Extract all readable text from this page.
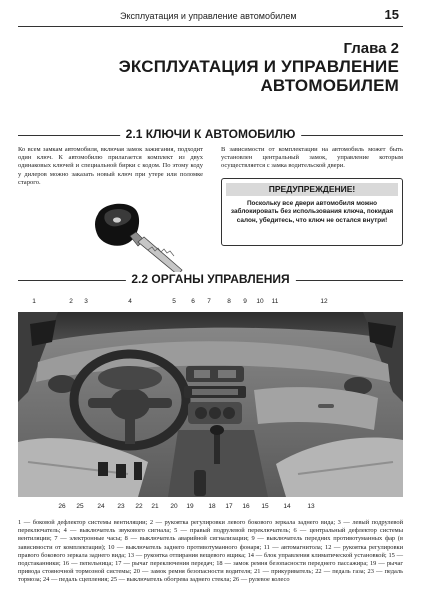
Эксплуатация и управление автомобилем	15
Глава 2
ЭКСПЛУАТАЦИЯ И УПРАВЛЕНИЕ
АВТОМОБИЛЕМ
2.1 КЛЮЧИ К АВТОМОБИЛЮ
Ко всем замкам автомобиля, включая замок зажигания, подходит один ключ. К автомобилю прилагается комплект из двух одинаковых ключей и специальной бирки с кодом. По этому коду у дилеров можно заказать новый ключ при утере или поломке старого.
В зависимости от комплектации на автомобиль может быть установлен центральный замок, управление которым осуществляется с замка водительской двери.
ПРЕДУПРЕЖДЕНИЕ!
Поскольку все двери автомобиля можно заблокировать без использования ключа, покидая салон, убедитесь, что ключ не остался внутри!
2.2 ОРГАНЫ УПРАВЛЕНИЯ
1	2	3	4	5	6	7	8	9	10	11	12
26	25	24	23	22	21	20	19	18	17	16	15	14	13
1 — боковой дефлектор системы вентиляции; 2 — рукоятка регулировки левого бокового зеркала заднего вида; 3 — левый подрулевой переключатель; 4 — выключатель звукового сигнала; 5 — правый подрулевой переключатель; 6 — центральный дефлектор системы вентиляции; 7 — электронные часы; 8 — выключатель аварийной сигнализации; 9 — выключатель передних противотуманных фар (в зависимости от комплектации); 10 — выключатель заднего противотуманного фонаря; 11 — автомагнитола; 12 — рукоятка регулировки правого бокового зеркала заднего вида; 13 — рукоятка отпирания вещевого ящика; 14 — блок управления климатической установкой; 15 — подстаканники; 16 — пепельница; 17 — рычаг переключения передач; 18 — замок ремня безопасности переднего пассажира; 19 — рычаг привода стояночной тормозной системы; 20 — замок ремня безопасности водителя; 21 — прикуриватель; 22 — педаль газа; 23 — педаль тормоза; 24 — педаль сцепления; 25 — выключатель обогрева заднего стекла; 26 — рулевое колесо
